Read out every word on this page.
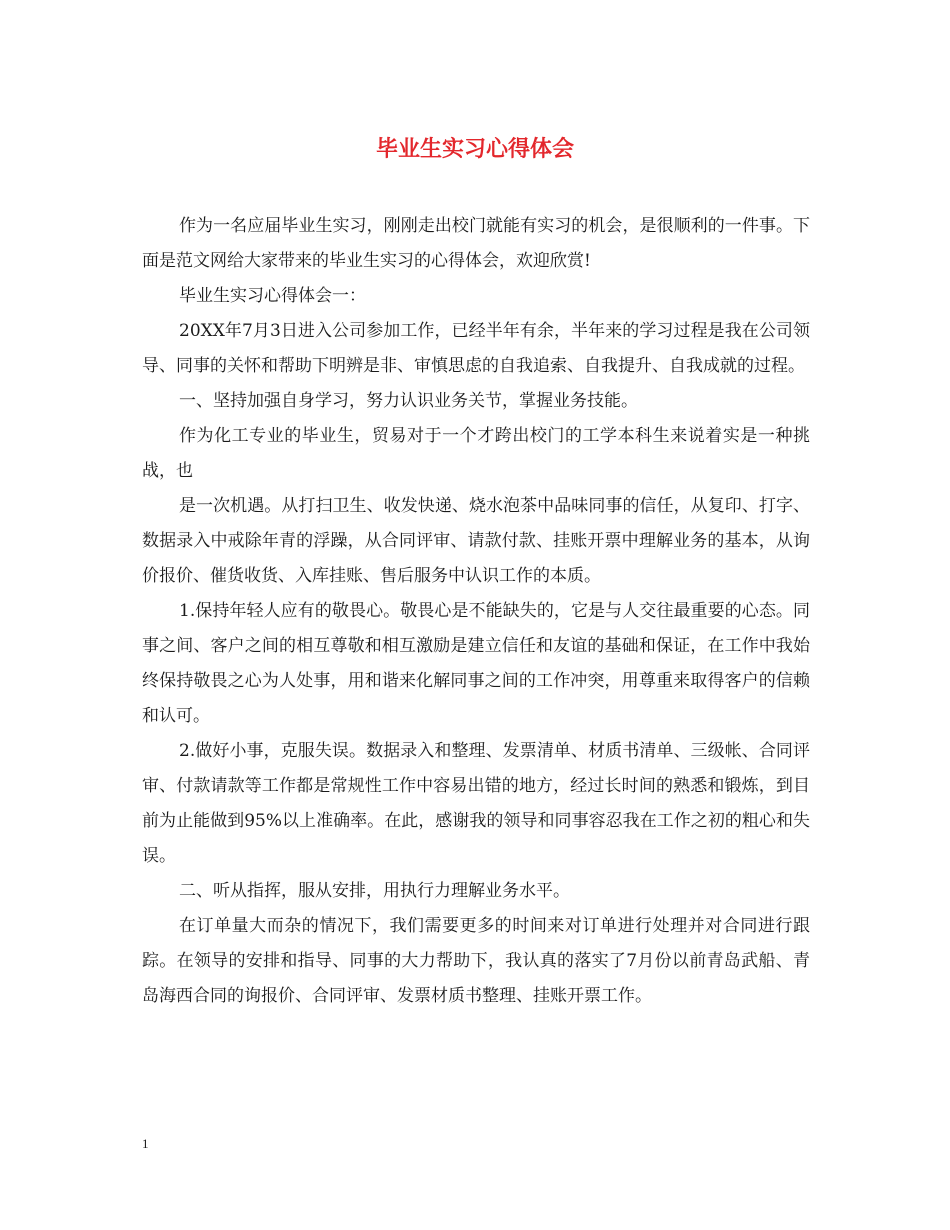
毕业生实习心得体会

作为一名应届毕业生实习，刚刚走出校门就能有实习的机会，是很顺利的一件事。下面是范文网给大家带来的毕业生实习的心得体会，欢迎欣赏!

毕业生实习心得体会一：

20XX年7月3日进入公司参加工作，已经半年有余，半年来的学习过程是我在公司领导、同事的关怀和帮助下明辨是非、审慎思虑的自我追索、自我提升、自我成就的过程。

一、坚持加强自身学习，努力认识业务关节，掌握业务技能。

作为化工专业的毕业生，贸易对于一个才跨出校门的工学本科生来说着实是一种挑战，也

是一次机遇。从打扫卫生、收发快递、烧水泡茶中品味同事的信任，从复印、打字、数据录入中戒除年青的浮躁，从合同评审、请款付款、挂账开票中理解业务的基本，从询价报价、催货收货、入库挂账、售后服务中认识工作的本质。

1.保持年轻人应有的敬畏心。敬畏心是不能缺失的，它是与人交往最重要的心态。同事之间、客户之间的相互尊敬和相互激励是建立信任和友谊的基础和保证，在工作中我始终保持敬畏之心为人处事，用和谐来化解同事之间的工作冲突，用尊重来取得客户的信赖和认可。

2.做好小事，克服失误。数据录入和整理、发票清单、材质书清单、三级帐、合同评审、付款请款等工作都是常规性工作中容易出错的地方，经过长时间的熟悉和锻炼，到目前为止能做到95%以上准确率。在此，感谢我的领导和同事容忍我在工作之初的粗心和失误。

二、听从指挥，服从安排，用执行力理解业务水平。

在订单量大而杂的情况下，我们需要更多的时间来对订单进行处理并对合同进行跟踪。在领导的安排和指导、同事的大力帮助下，我认真的落实了7月份以前青岛武船、青岛海西合同的询报价、合同评审、发票材质书整理、挂账开票工作。

1
